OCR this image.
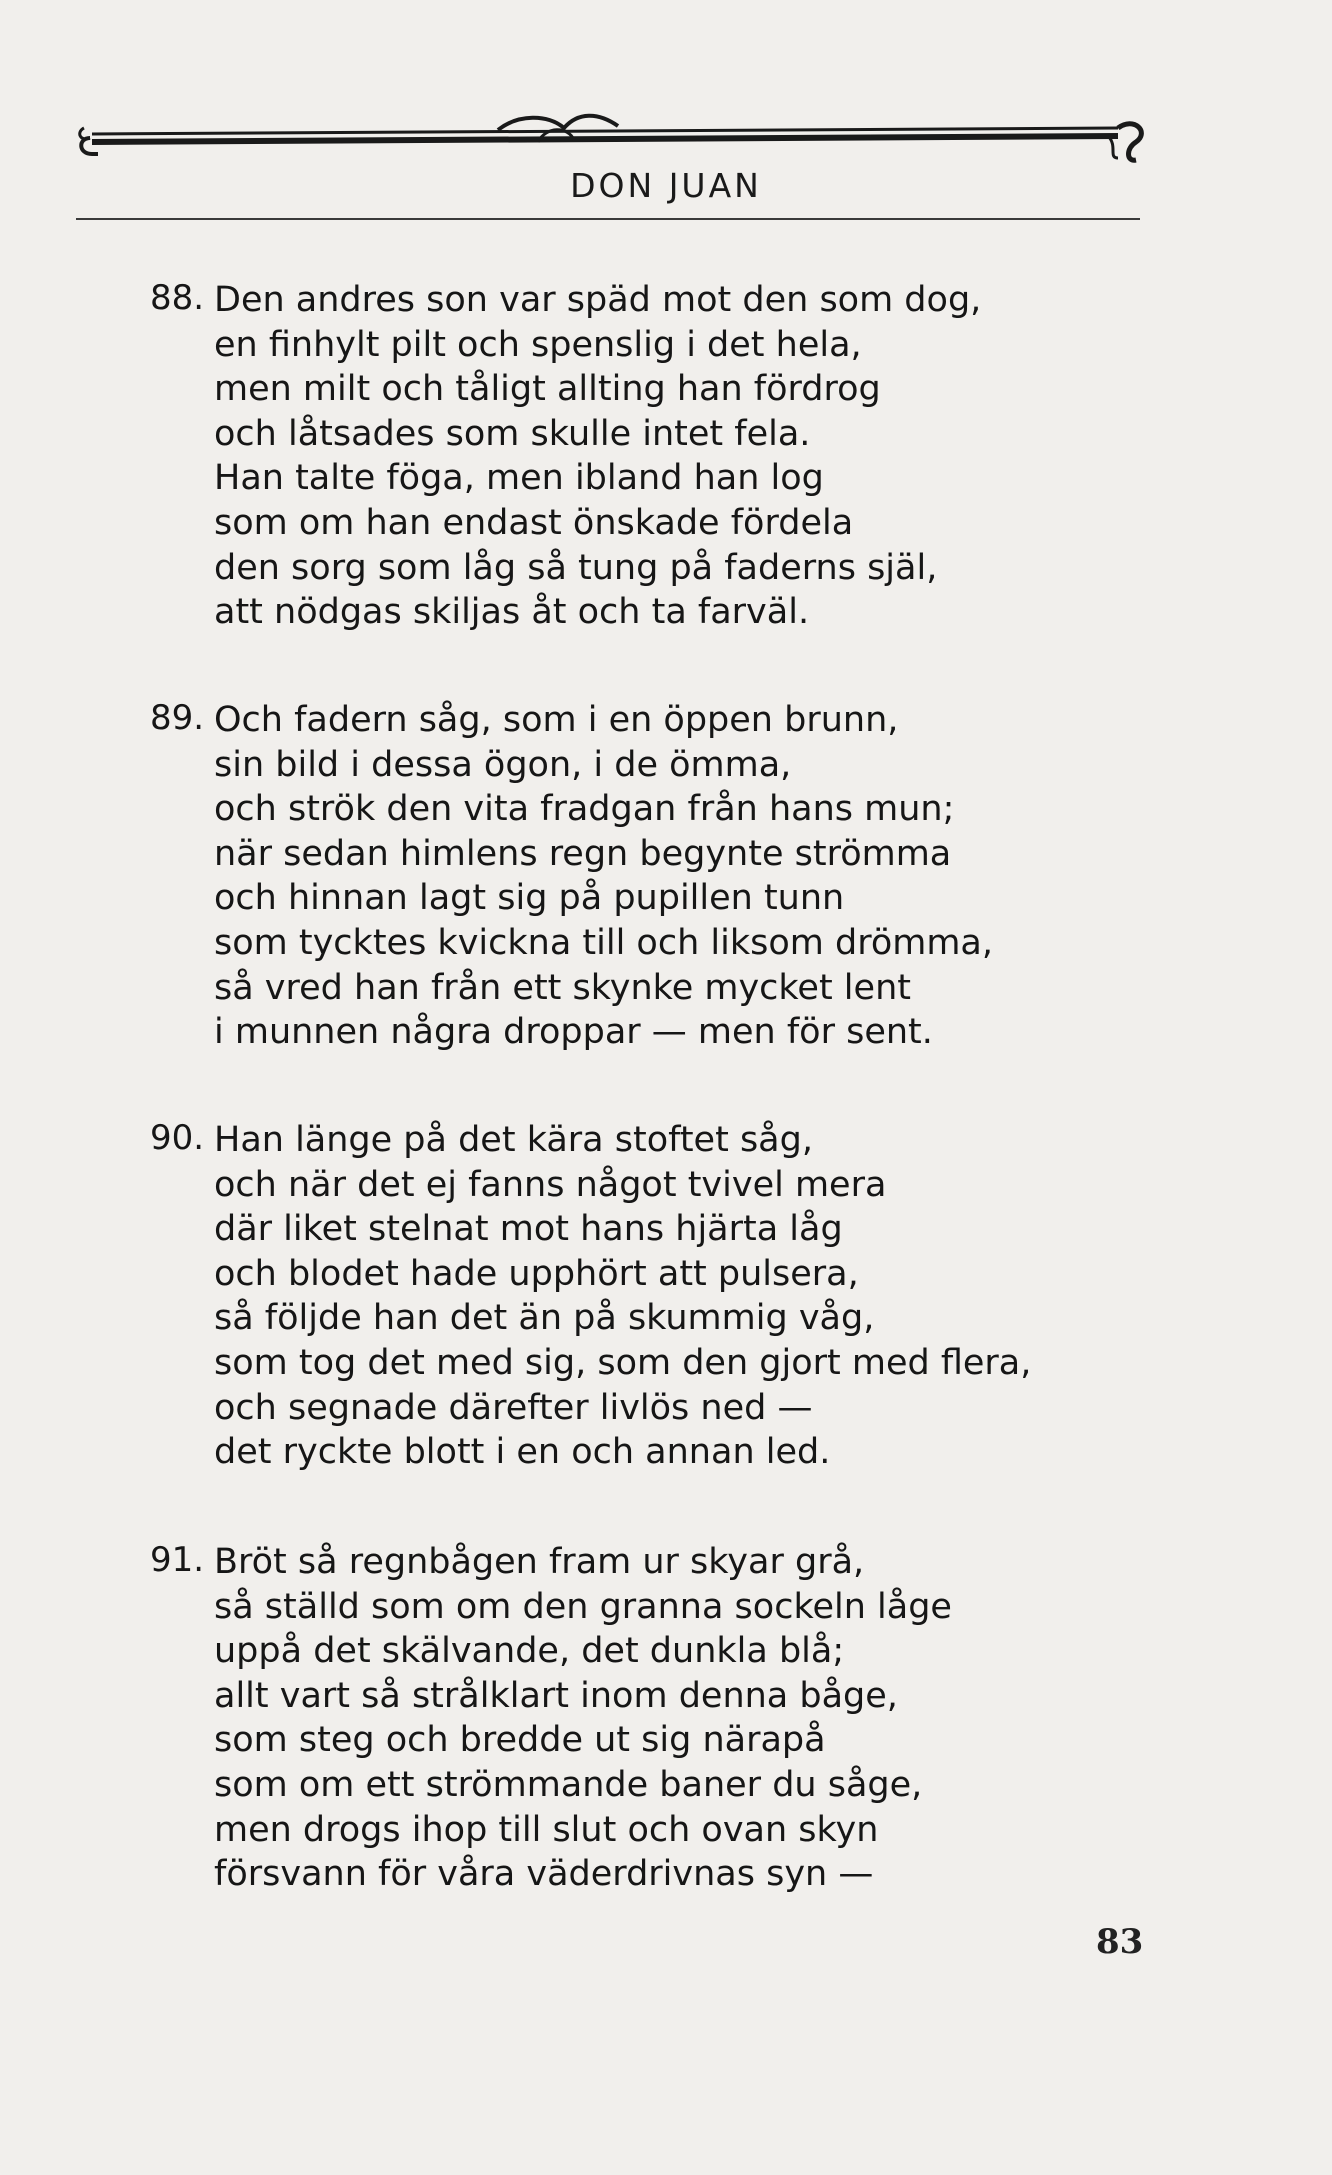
DON JUAN
88. Den andres son var späd mot den som dog,
en finhylt pilt och spenslig i det hela,
men milt och tåligt allting han fördrog
och låtsades som skulle intet fela.
Han talte föga, men ibland han log
som om han endast önskade fördela
den sorg som låg så tung på faderns själ,
att nödgas skiljas åt och ta farväl.
89. Och fadern såg, som i en öppen brunn,
sin bild i dessa ögon, i de ömma,
och strök den vita fradgan från hans mun;
när sedan himlens regn begynte strömma
och hinnan lagt sig på pupillen tunn
som tycktes kvickna till och liksom drömma,
så vred han från ett skynke mycket lent
i munnen några droppar — men för sent.
90. Han länge på det kära stoftet såg,
och när det ej fanns något tvivel mera
där liket stelnat mot hans hjärta låg
och blodet hade upphört att pulsera,
så följde han det än på skummig våg,
som tog det med sig, som den gjort med flera,
och segnade därefter livlös ned —
det ryckte blott i en och annan led.
91. Bröt så regnbågen fram ur skyar grå,
så ställd som om den granna sockeln låge
uppå det skälvande, det dunkla blå;
allt vart så strålklart inom denna båge,
som steg och bredde ut sig närapå
som om ett strömmande baner du såge,
men drogs ihop till slut och ovan skyn
försvann för våra väderdrivnas syn —
83
